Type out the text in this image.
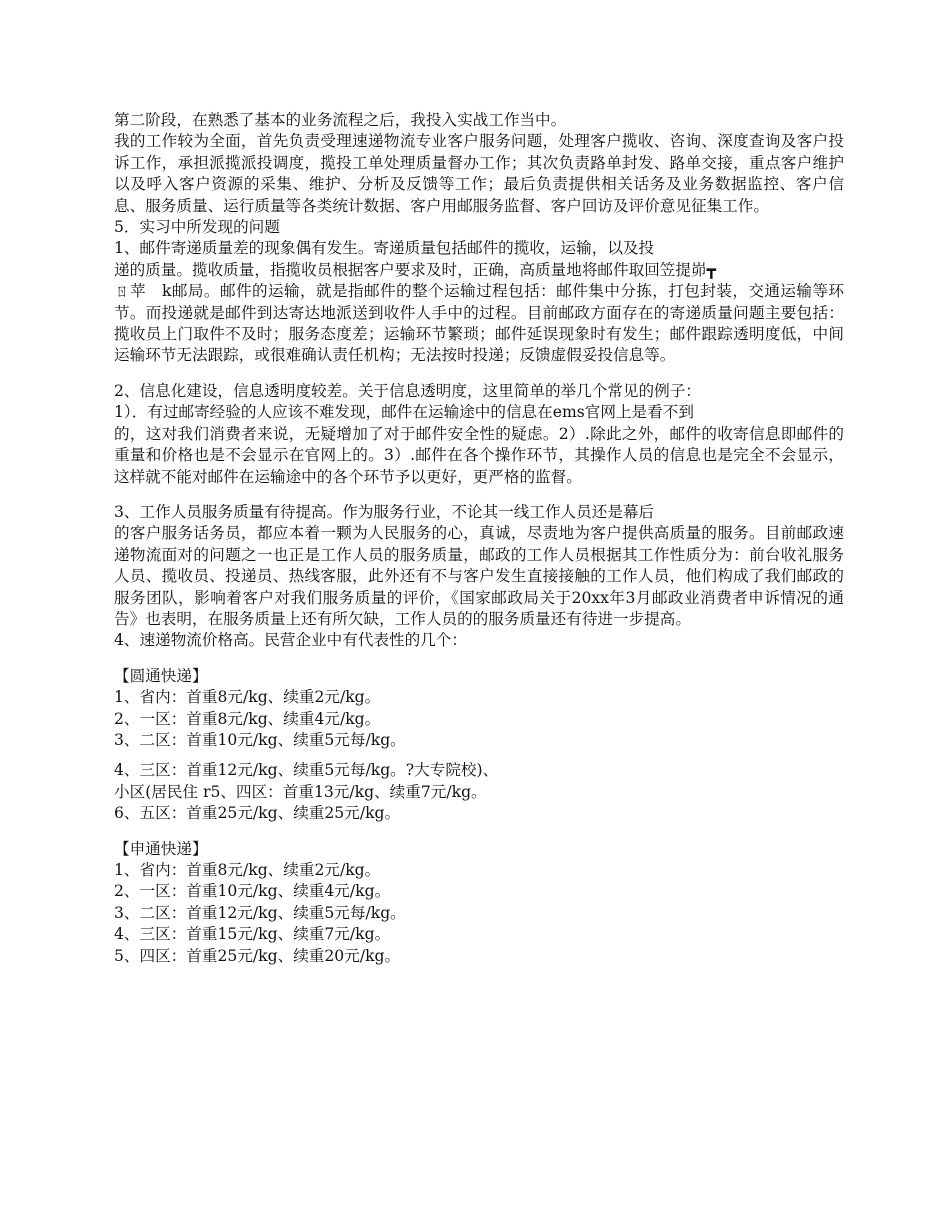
第二阶段，在熟悉了基本的业务流程之后，我投入实战工作当中。

我的工作较为全面，首先负责受理速递物流专业客户服务问题，处理客户揽收、咨询、深度查询及客户投诉工作，承担派揽派投调度，揽投工单处理质量督办工作；其次负责路单封发、路单交接，重点客户维护以及呼入客户资源的采集、维护、分析及反馈等工作；最后负责提供相关话务及业务数据监控、客户信息、服务质量、运行质量等各类统计数据、客户用邮服务监督、客户回访及评价意见征集工作。

5．实习中所发现的问题

1、邮件寄递质量差的现象偶有发生。寄递质量包括邮件的揽收，运输，以及投

递的质量。揽收质量，指揽收员根据客户要求及时，正确，高质量地将邮件取回笠提峁┳

ㄖ苹　k邮局。邮件的运输，就是指邮件的整个运输过程包括：邮件集中分拣，打包封装，交通运输等环节。而投递就是邮件到达寄达地派送到收件人手中的过程。目前邮政方面存在的寄递质量问题主要包括：揽收员上门取件不及时；服务态度差；运输环节繁琐；邮件延误现象时有发生；邮件跟踪透明度低，中间运输环节无法跟踪，或很难确认责任机构；无法按时投递；反馈虚假妥投信息等。

2、信息化建设，信息透明度较差。关于信息透明度，这里简单的举几个常见的例子：

1）．有过邮寄经验的人应该不难发现，邮件在运输途中的信息在ems官网上是看不到

的，这对我们消费者来说，无疑增加了对于邮件安全性的疑虑。2）.除此之外，邮件的收寄信息即邮件的重量和价格也是不会显示在官网上的。3）.邮件在各个操作环节，其操作人员的信息也是完全不会显示，这样就不能对邮件在运输途中的各个环节予以更好，更严格的监督。

3、工作人员服务质量有待提高。作为服务行业，不论其一线工作人员还是幕后

的客户服务话务员，都应本着一颗为人民服务的心，真诚，尽责地为客户提供高质量的服务。目前邮政速递物流面对的问题之一也正是工作人员的服务质量，邮政的工作人员根据其工作性质分为：前台收礼服务人员、揽收员、投递员、热线客服，此外还有不与客户发生直接接触的工作人员，他们构成了我们邮政的服务团队，影响着客户对我们服务质量的评价，《国家邮政局关于20xx年3月邮政业消费者申诉情况的通告》也表明，在服务质量上还有所欠缺，工作人员的的服务质量还有待进一步提高。

4、速递物流价格高。民营企业中有代表性的几个：

【圆通快递】

1、省内：首重8元/kg、续重2元/kg。

2、一区：首重8元/kg、续重4元/kg。

3、二区：首重10元/kg、续重5元每/kg。

4、三区：首重12元/kg、续重5元每/kg。?大专院校)、

小区(居民住 r5、四区：首重13元/kg、续重7元/kg。

6、五区：首重25元/kg、续重25元/kg。

【申通快递】

1、省内：首重8元/kg、续重2元/kg。

2、一区：首重10元/kg、续重4元/kg。

3、二区：首重12元/kg、续重5元每/kg。

4、三区：首重15元/kg、续重7元/kg。

5、四区：首重25元/kg、续重20元/kg。
